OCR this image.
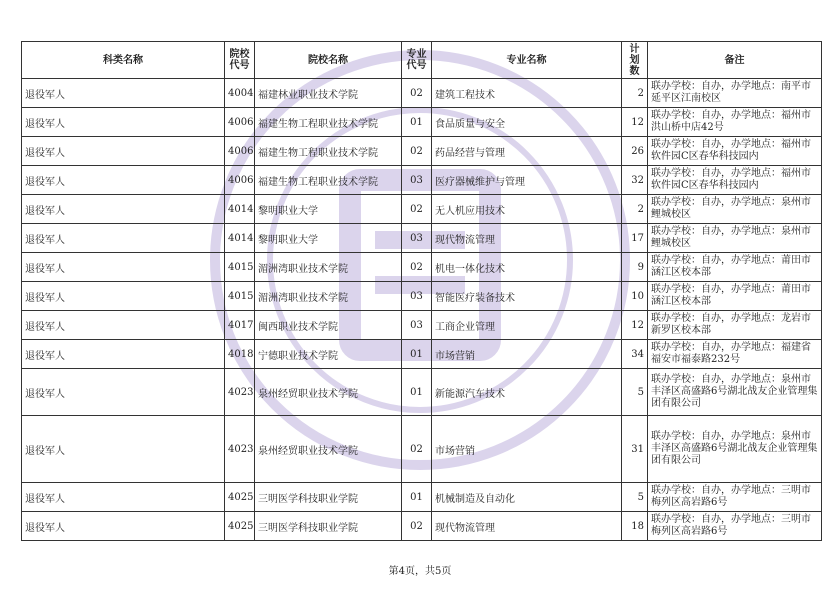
科类名称	院校代号	院校名称	专业代号	专业名称	计划数	备注
退役军人	4004	福建林业职业技术学院	02	建筑工程技术	2	联办学校：自办，办学地点：南平市延平区江南校区
退役军人	4006	福建生物工程职业技术学院	01	食品质量与安全	12	联办学校：自办，办学地点：福州市洪山桥中店42号
退役军人	4006	福建生物工程职业技术学院	02	药品经营与管理	26	联办学校：自办，办学地点：福州市软件园C区春华科技园内
退役军人	4006	福建生物工程职业技术学院	03	医疗器械维护与管理	32	联办学校：自办，办学地点：福州市软件园C区春华科技园内
退役军人	4014	黎明职业大学	02	无人机应用技术	2	联办学校：自办，办学地点：泉州市鲤城校区
退役军人	4014	黎明职业大学	03	现代物流管理	17	联办学校：自办，办学地点：泉州市鲤城校区
退役军人	4015	湄洲湾职业技术学院	02	机电一体化技术	9	联办学校：自办，办学地点：莆田市涵江区校本部
退役军人	4015	湄洲湾职业技术学院	03	智能医疗装备技术	10	联办学校：自办，办学地点：莆田市涵江区校本部
退役军人	4017	闽西职业技术学院	03	工商企业管理	12	联办学校：自办，办学地点：龙岩市新罗区校本部
退役军人	4018	宁德职业技术学院	01	市场营销	34	联办学校：自办，办学地点：福建省福安市福泰路232号
退役军人	4023	泉州经贸职业技术学院	01	新能源汽车技术	5	联办学校：自办，办学地点：泉州市丰泽区高盛路6号湖北战友企业管理集团有限公司
退役军人	4023	泉州经贸职业技术学院	02	市场营销	31	联办学校：自办，办学地点：泉州市丰泽区高盛路6号湖北战友企业管理集团有限公司
退役军人	4025	三明医学科技职业学院	01	机械制造及自动化	5	联办学校：自办，办学地点：三明市梅列区高岩路6号
退役军人	4025	三明医学科技职业学院	02	现代物流管理	18	联办学校：自办，办学地点：三明市梅列区高岩路6号
第4页，共5页
